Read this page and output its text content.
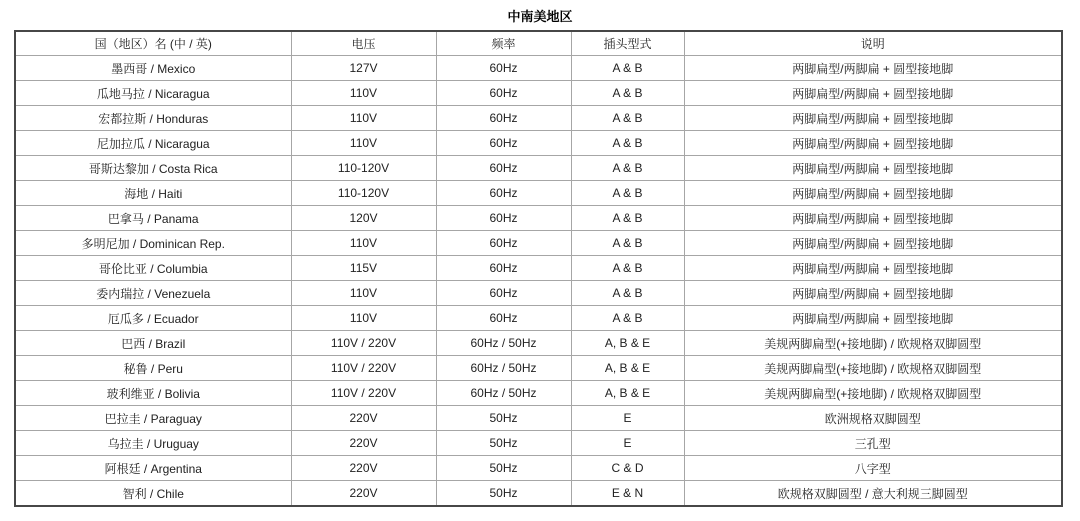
中南美地区
国（地区）名 (中 / 英)	电压	频率	插头型式	说明
墨西哥 / Mexico	127V	60Hz	A & B	两脚扁型/两脚扁 + 圆型接地脚
瓜地马拉 / Nicaragua	110V	60Hz	A & B	两脚扁型/两脚扁 + 圆型接地脚
宏都拉斯 / Honduras	110V	60Hz	A & B	两脚扁型/两脚扁 + 圆型接地脚
尼加拉瓜 / Nicaragua	110V	60Hz	A & B	两脚扁型/两脚扁 + 圆型接地脚
哥斯达黎加 / Costa Rica	110-120V	60Hz	A & B	两脚扁型/两脚扁 + 圆型接地脚
海地 / Haiti	110-120V	60Hz	A & B	两脚扁型/两脚扁 + 圆型接地脚
巴拿马 / Panama	120V	60Hz	A & B	两脚扁型/两脚扁 + 圆型接地脚
多明尼加 / Dominican Rep.	110V	60Hz	A & B	两脚扁型/两脚扁 + 圆型接地脚
哥伦比亚 / Columbia	115V	60Hz	A & B	两脚扁型/两脚扁 + 圆型接地脚
委内瑞拉 / Venezuela	110V	60Hz	A & B	两脚扁型/两脚扁 + 圆型接地脚
厄瓜多 / Ecuador	110V	60Hz	A & B	两脚扁型/两脚扁 + 圆型接地脚
巴西 / Brazil	110V / 220V	60Hz / 50Hz	A, B & E	美规两脚扁型(+接地脚) / 欧规格双脚圆型
秘鲁 / Peru	110V / 220V	60Hz / 50Hz	A, B & E	美规两脚扁型(+接地脚) / 欧规格双脚圆型
玻利维亚 / Bolivia	110V / 220V	60Hz / 50Hz	A, B & E	美规两脚扁型(+接地脚) / 欧规格双脚圆型
巴拉圭 / Paraguay	220V	50Hz	E	欧洲规格双脚圆型
乌拉圭 / Uruguay	220V	50Hz	E	三孔型
阿根廷 / Argentina	220V	50Hz	C & D	八字型
智利 / Chile	220V	50Hz	E & N	欧规格双脚圆型 / 意大利规三脚圆型
